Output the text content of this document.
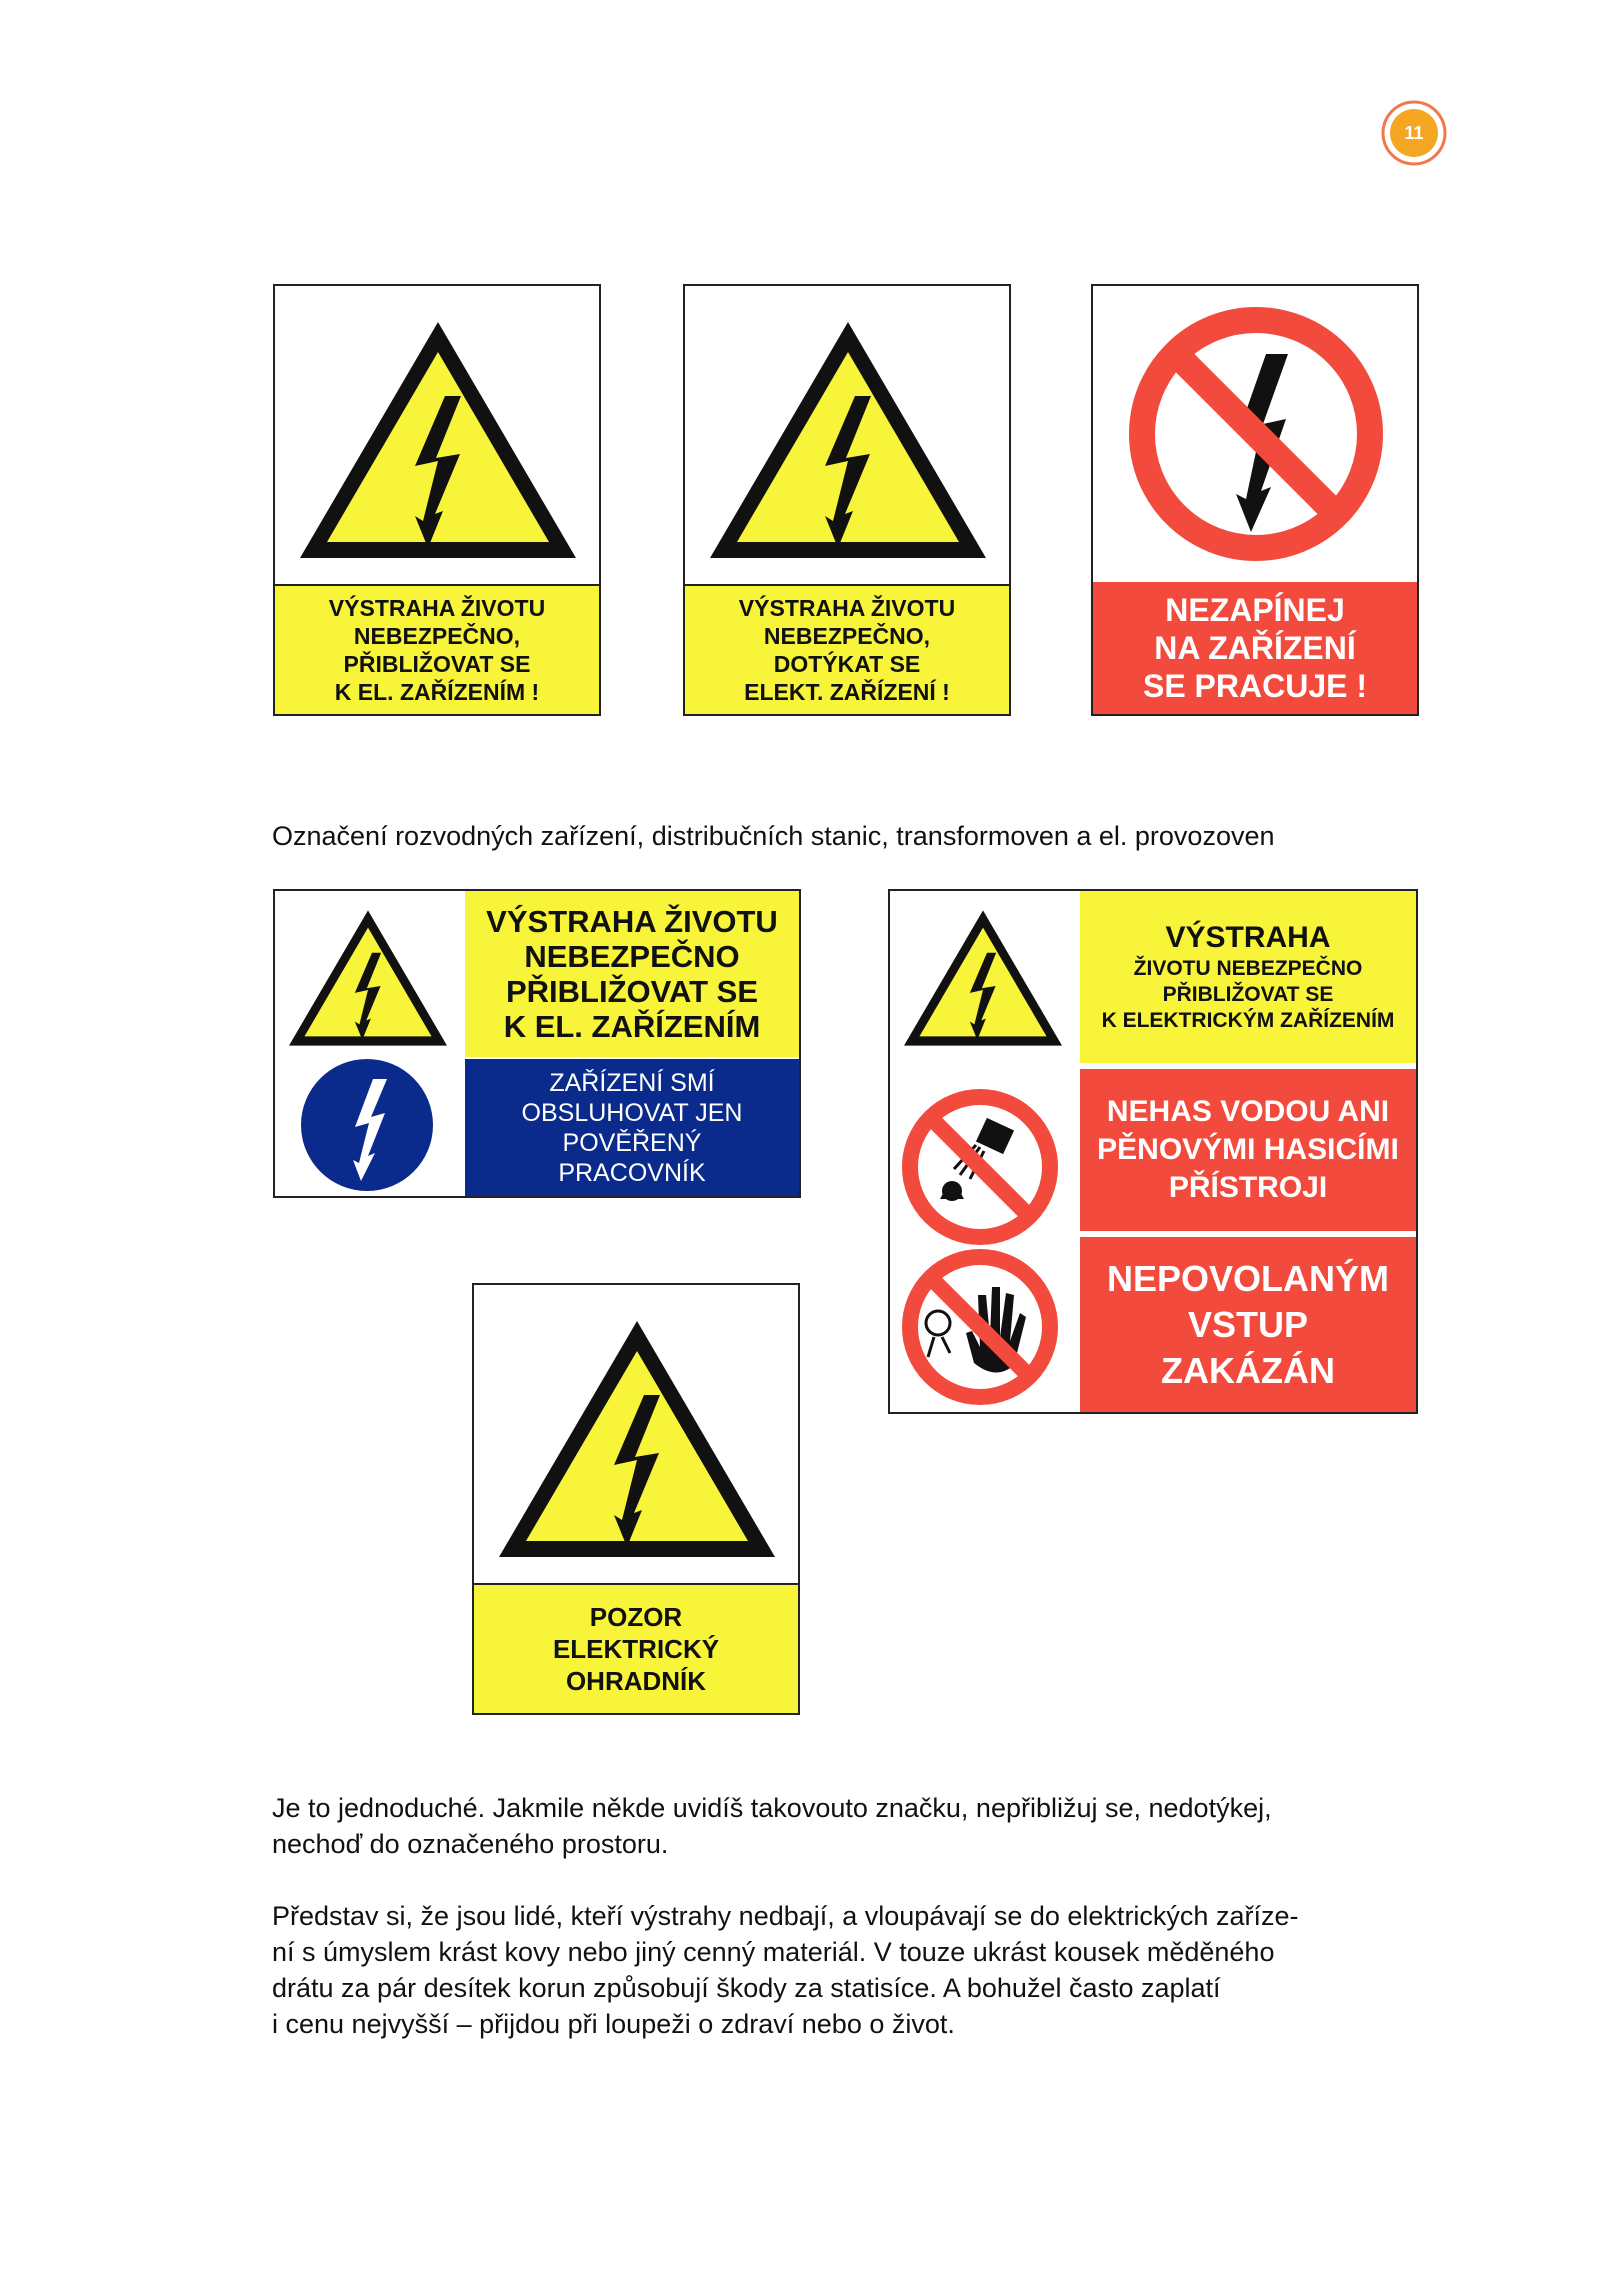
11
VÝSTRAHA ŽIVOTU
NEBEZPEČNO,
PŘIBLIŽOVAT SE
K EL. ZAŘÍZENÍM !
VÝSTRAHA ŽIVOTU
NEBEZPEČNO,
DOTÝKAT SE
ELEKT. ZAŘÍZENÍ !
NEZAPÍNEJ
NA ZAŘÍZENÍ
SE PRACUJE !
Označení rozvodných zařízení, distribučních stanic, transformoven a el. provozoven
VÝSTRAHA ŽIVOTU
NEBEZPEČNO
PŘIBLIŽOVAT SE
K EL. ZAŘÍZENÍM
ZAŘÍZENÍ SMÍ
OBSLUHOVAT JEN
POVĚŘENÝ
PRACOVNÍK
VÝSTRAHA
ŽIVOTU NEBEZPEČNO
PŘIBLIŽOVAT SE
K ELEKTRICKÝM ZAŘÍZENÍM
NEHAS VODOU ANI
PĚNOVÝMI HASICÍMI
PŘÍSTROJI
NEPOVOLANÝM
VSTUP
ZAKÁZÁN
POZOR
ELEKTRICKÝ
OHRADNÍK
Je to jednoduché. Jakmile někde uvidíš takovouto značku, nepřibližuj se, nedotýkej,
nechoď do označeného prostoru.
Představ si, že jsou lidé, kteří výstrahy nedbají, a vloupávají se do elektrických zaříze-
ní s úmyslem krást kovy nebo jiný cenný materiál. V touze ukrást kousek měděného
drátu za pár desítek korun způsobují škody za statisíce. A bohužel často zaplatí
i cenu nejvyšší – přijdou při loupeži o zdraví nebo o život.
